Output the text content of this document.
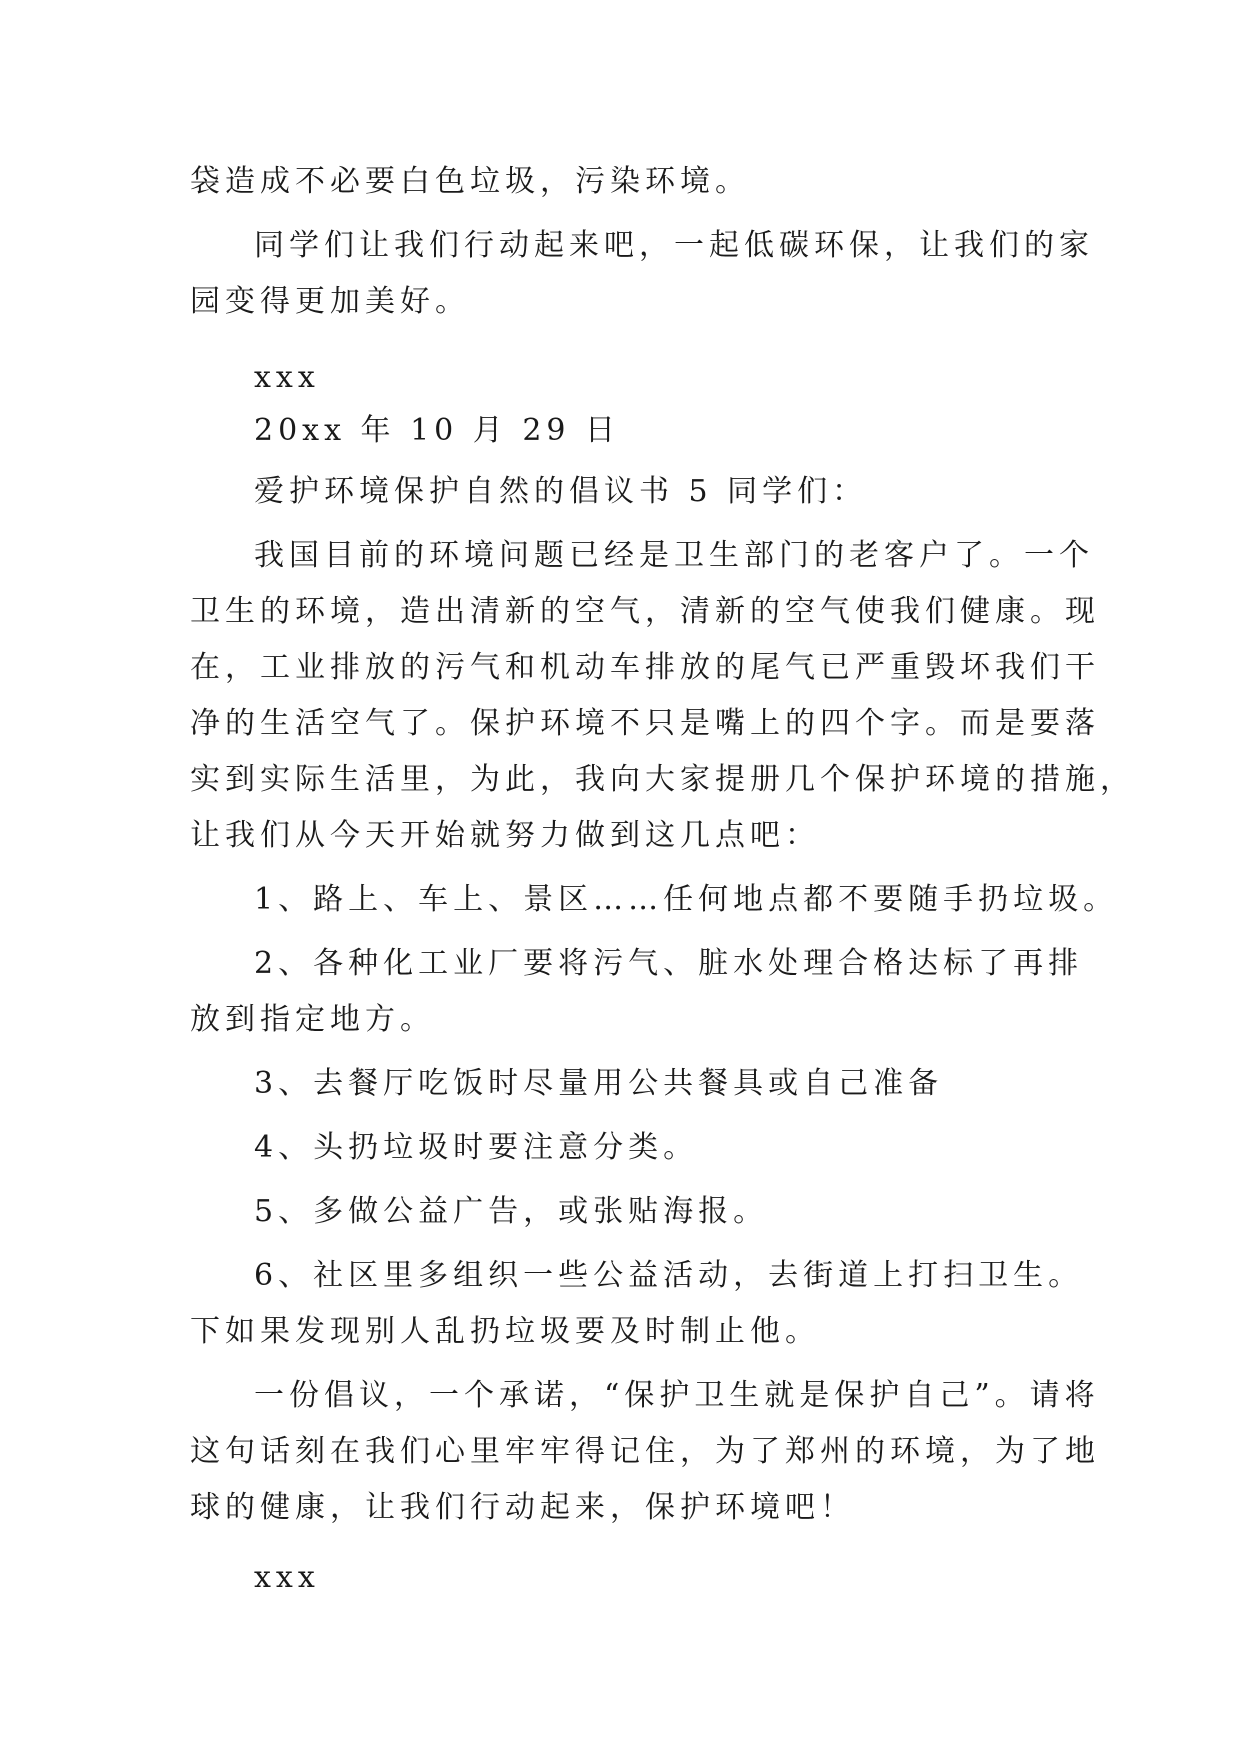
袋造成不必要白色垃圾，污染环境。
同学们让我们行动起来吧，一起低碳环保，让我们的家
园变得更加美好。
xxx
20xx 年 10 月 29 日
爱护环境保护自然的倡议书 5 同学们：
我国目前的环境问题已经是卫生部门的老客户了。一个
卫生的环境，造出清新的空气，清新的空气使我们健康。现
在，工业排放的污气和机动车排放的尾气已严重毁坏我们干
净的生活空气了。保护环境不只是嘴上的四个字。而是要落
实到实际生活里，为此，我向大家提册几个保护环境的措施，
让我们从今天开始就努力做到这几点吧：
1、路上、车上、景区……任何地点都不要随手扔垃圾。
2、各种化工业厂要将污气、脏水处理合格达标了再排
放到指定地方。
3、去餐厅吃饭时尽量用公共餐具或自己准备
4、头扔垃圾时要注意分类。
5、多做公益广告，或张贴海报。
6、社区里多组织一些公益活动，去街道上打扫卫生。
下如果发现别人乱扔垃圾要及时制止他。
一份倡议，一个承诺，“保护卫生就是保护自己”。请将
这句话刻在我们心里牢牢得记住，为了郑州的环境，为了地
球的健康，让我们行动起来，保护环境吧！
xxx
